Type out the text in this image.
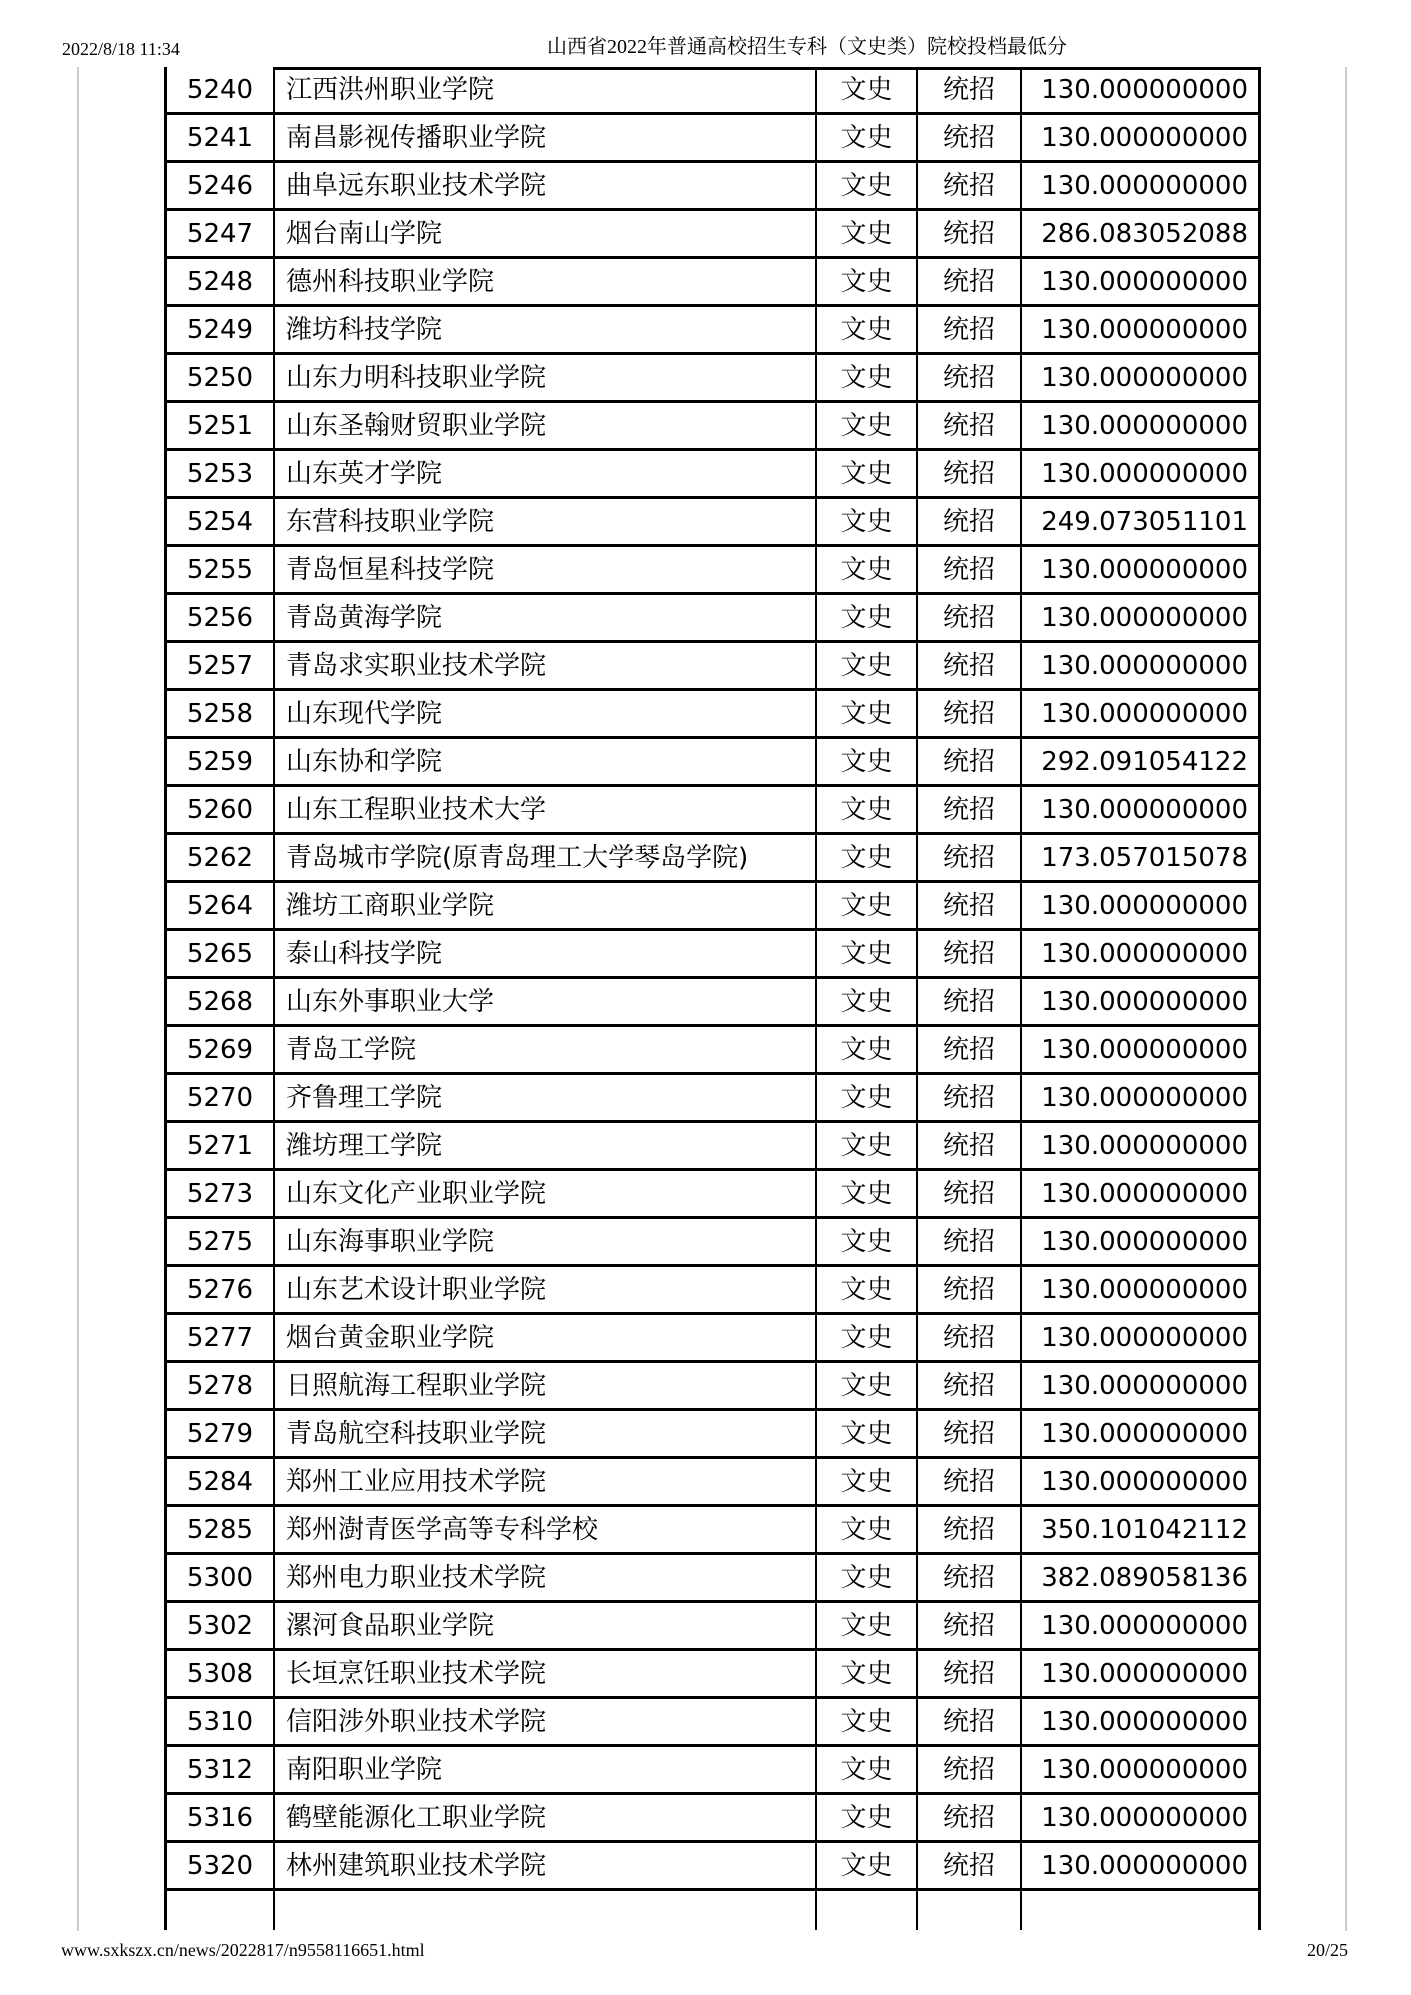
2022/8/18 11:34	山西省2022年普通高校招生专科（文史类）院校投档最低分
5240	江西洪州职业学院	文史	统招	130.000000000
5241	南昌影视传播职业学院	文史	统招	130.000000000
5246	曲阜远东职业技术学院	文史	统招	130.000000000
5247	烟台南山学院	文史	统招	286.083052088
5248	德州科技职业学院	文史	统招	130.000000000
5249	潍坊科技学院	文史	统招	130.000000000
5250	山东力明科技职业学院	文史	统招	130.000000000
5251	山东圣翰财贸职业学院	文史	统招	130.000000000
5253	山东英才学院	文史	统招	130.000000000
5254	东营科技职业学院	文史	统招	249.073051101
5255	青岛恒星科技学院	文史	统招	130.000000000
5256	青岛黄海学院	文史	统招	130.000000000
5257	青岛求实职业技术学院	文史	统招	130.000000000
5258	山东现代学院	文史	统招	130.000000000
5259	山东协和学院	文史	统招	292.091054122
5260	山东工程职业技术大学	文史	统招	130.000000000
5262	青岛城市学院(原青岛理工大学琴岛学院)	文史	统招	173.057015078
5264	潍坊工商职业学院	文史	统招	130.000000000
5265	泰山科技学院	文史	统招	130.000000000
5268	山东外事职业大学	文史	统招	130.000000000
5269	青岛工学院	文史	统招	130.000000000
5270	齐鲁理工学院	文史	统招	130.000000000
5271	潍坊理工学院	文史	统招	130.000000000
5273	山东文化产业职业学院	文史	统招	130.000000000
5275	山东海事职业学院	文史	统招	130.000000000
5276	山东艺术设计职业学院	文史	统招	130.000000000
5277	烟台黄金职业学院	文史	统招	130.000000000
5278	日照航海工程职业学院	文史	统招	130.000000000
5279	青岛航空科技职业学院	文史	统招	130.000000000
5284	郑州工业应用技术学院	文史	统招	130.000000000
5285	郑州澍青医学高等专科学校	文史	统招	350.101042112
5300	郑州电力职业技术学院	文史	统招	382.089058136
5302	漯河食品职业学院	文史	统招	130.000000000
5308	长垣烹饪职业技术学院	文史	统招	130.000000000
5310	信阳涉外职业技术学院	文史	统招	130.000000000
5312	南阳职业学院	文史	统招	130.000000000
5316	鹤壁能源化工职业学院	文史	统招	130.000000000
5320	林州建筑职业技术学院	文史	统招	130.000000000
www.sxkszx.cn/news/2022817/n9558116651.html	20/25
